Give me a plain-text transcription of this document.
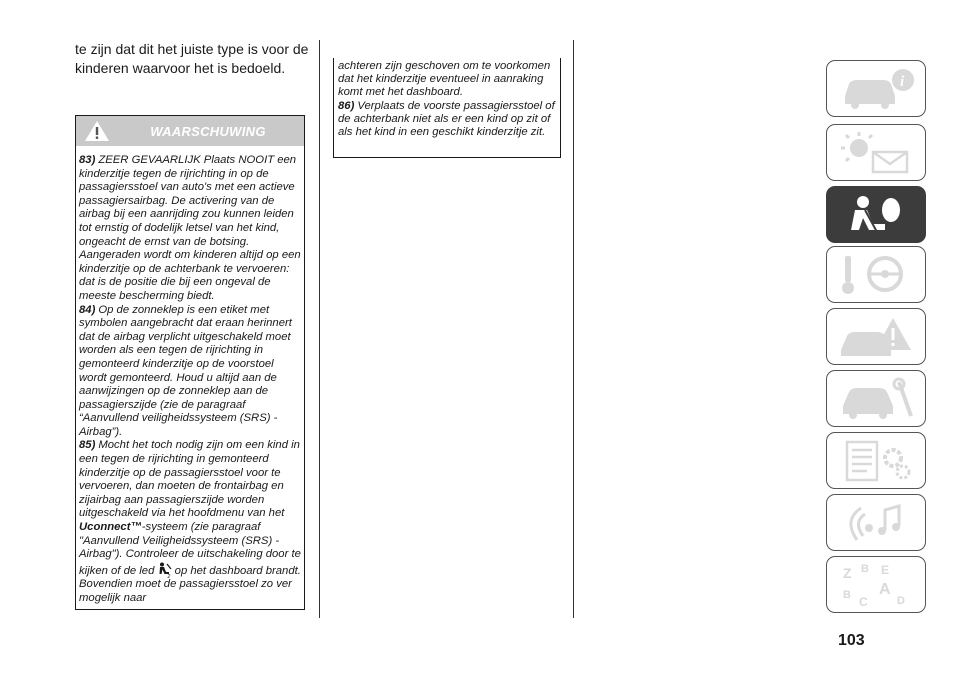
te zijn dat dit het juiste type is voor de
kinderen waarvoor het is bedoeld.
WAARSCHUWING

83) ZEER GEVAARLIJK Plaats NOOIT een kinderzitje tegen de rijrichting in op de passagiersstoel van auto's met een actieve passagiersairbag. De activering van de airbag bij een aanrijding zou kunnen leiden tot ernstig of dodelijk letsel van het kind, ongeacht de ernst van de botsing. Aangeraden wordt om kinderen altijd op een kinderzitje op de achterbank te vervoeren: dat is de positie die bij een ongeval de meeste bescherming biedt.

84) Op de zonneklep is een etiket met symbolen aangebracht dat eraan herinnert dat de airbag verplicht uitgeschakeld moet worden als een tegen de rijrichting in gemonteerd kinderzitje op de voorstoel wordt gemonteerd. Houd u altijd aan de aanwijzingen op de zonneklep aan de passagierszijde (zie de paragraaf “Aanvullend veiligheidssysteem (SRS) - Airbag”).

85) Mocht het toch nodig zijn om een kind in een tegen de rijrichting in gemonteerd kinderzitje op de passagiersstoel voor te vervoeren, dan moeten de frontairbag en zijairbag aan passagierszijde worden uitgeschakeld via het hoofdmenu van het Uconnect™-systeem (zie paragraaf "Aanvullend Veiligheidssysteem (SRS) - Airbag"). Controleer de uitschakeling door te kijken of de led	2 op het dashboard brandt. Bovendien moet de passagiersstoel zo ver mogelijk naar

achteren zijn geschoven om te voorkomen dat het kinderzitje eventueel in aanraking komt met het dashboard.

86) Verplaats de voorste passagiersstoel of de achterbank niet als er een kind op zit of als het kind in een geschikt kinderzitje zit.

i
Z B E
B C
A
D
103
